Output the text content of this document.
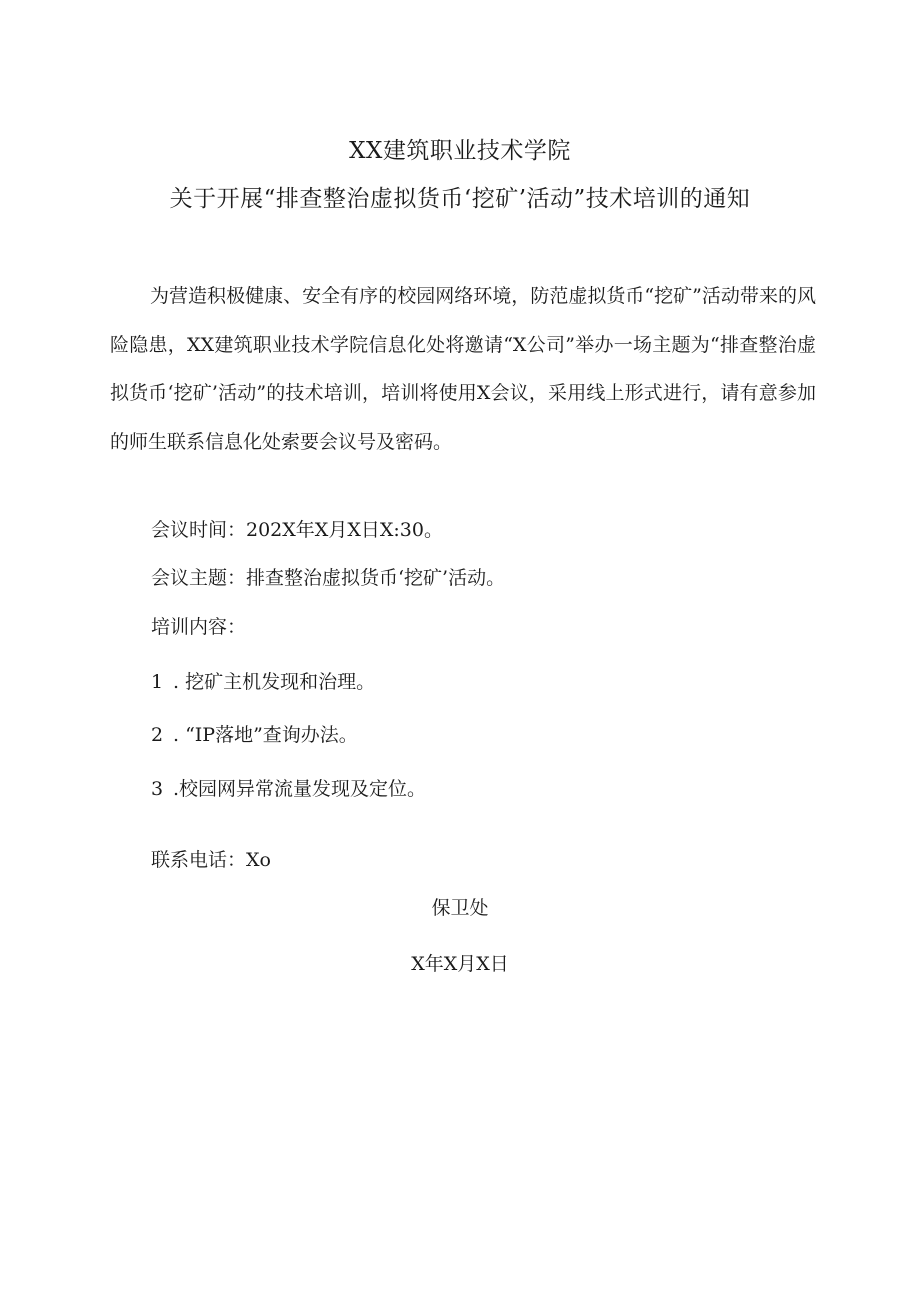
XX建筑职业技术学院
关于开展“排查整治虚拟货币‘挖矿’活动”技术培训的通知

为营造积极健康、安全有序的校园网络环境，防范虚拟货币“挖矿”活动带来的风险隐患，XX建筑职业技术学院信息化处将邀请“X公司”举办一场主题为“排查整治虚拟货币‘挖矿’活动”的技术培训，培训将使用X会议，采用线上形式进行，请有意参加的师生联系信息化处索要会议号及密码。

会议时间：202X年X月X日X:30。

会议主题：排查整治虚拟货币‘挖矿’活动。

培训内容：

1 . 挖矿主机发现和治理。

2 . “IP落地”查询办法。

3 .校园网异常流量发现及定位。

联系电话：Xo

保卫处

X年X月X日
